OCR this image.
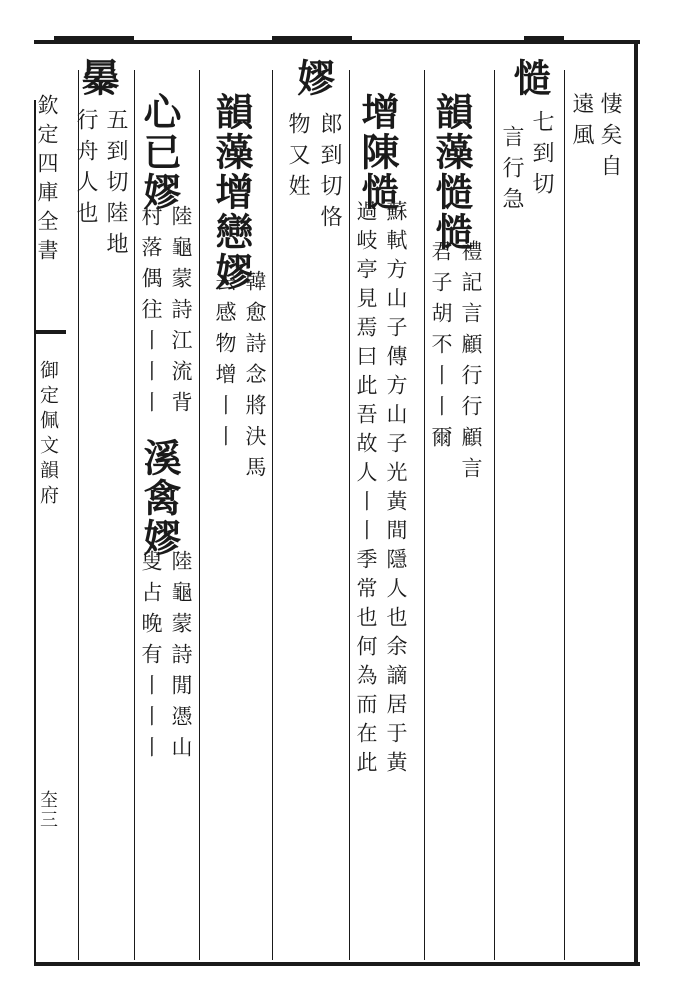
欽定四庫全書
御定佩文韻府
圶三
悽矣自
遠風
慥
七到切
言行急
韻藻慥慥
禮記言顧行行顧言
君子胡不丨丨爾
增陳慥
蘇軾方山子傳方山子光黃間隱人也余謫居于黃
過岐亭見焉曰此吾故人丨丨季常也何為而在此
嫪
郎到切恪
物又姓
韻藻增戀嫪
韓愈詩念將決馬
去感物增丨丨
心已嫪
陸龜蒙詩江流背
村落偶往丨丨丨
溪禽嫪
陸龜蒙詩閒憑山
叟占晚有丨丨丨
㬥
五到切陸地
行舟人也
